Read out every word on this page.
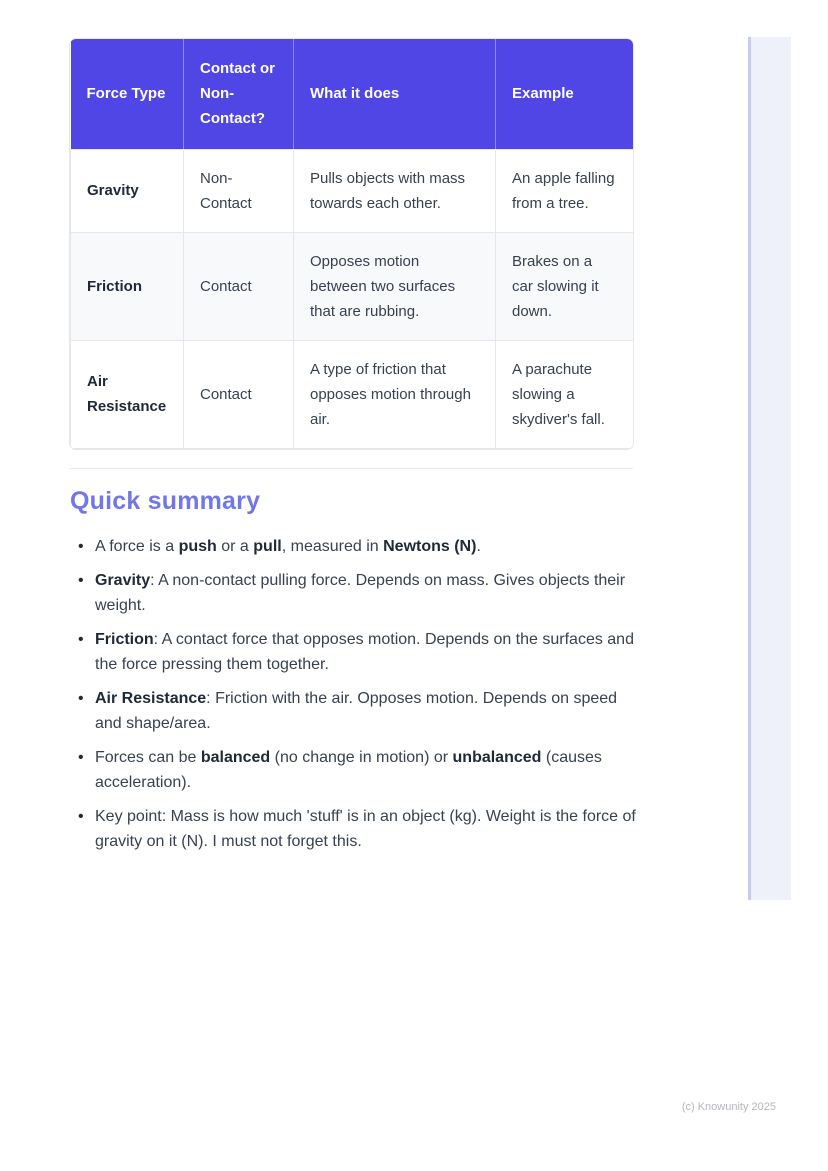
Force Type	Contact or Non-Contact?	What it does	Example
Gravity	Non-Contact	Pulls objects with mass towards each other.	An apple falling from a tree.
Friction	Contact	Opposes motion between two surfaces that are rubbing.	Brakes on a car slowing it down.
Air Resistance	Contact	A type of friction that opposes motion through air.	A parachute slowing a skydiver's fall.
Quick summary
• A force is a push or a pull, measured in Newtons (N).
• Gravity: A non-contact pulling force. Depends on mass. Gives objects their weight.
• Friction: A contact force that opposes motion. Depends on the surfaces and the force pressing them together.
• Air Resistance: Friction with the air. Opposes motion. Depends on speed and shape/area.
• Forces can be balanced (no change in motion) or unbalanced (causes acceleration).
• Key point: Mass is how much 'stuff' is in an object (kg). Weight is the force of gravity on it (N). I must not forget this.
(c) Knowunity 2025
